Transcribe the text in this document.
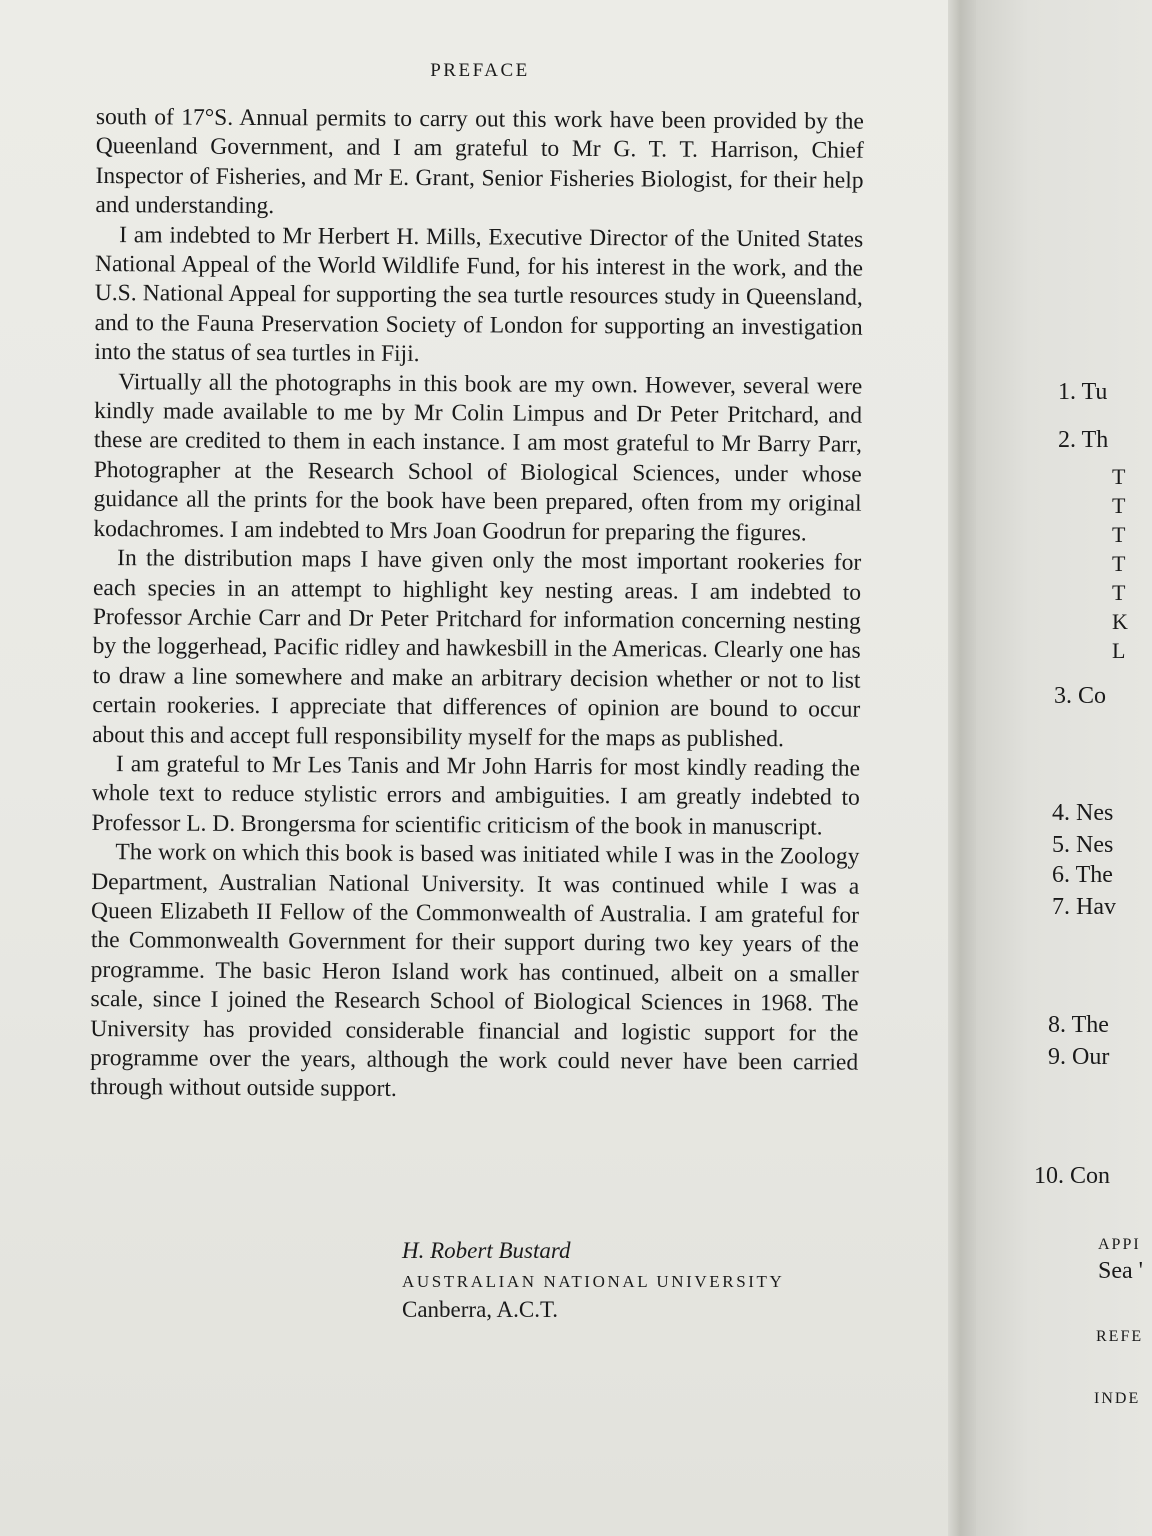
PREFACE

south of 17°S. Annual permits to carry out this work have been provided by the Queenland Government, and I am grateful to Mr G. T. T. Harrison, Chief Inspector of Fisheries, and Mr E. Grant, Senior Fisheries Biologist, for their help and understanding.

I am indebted to Mr Herbert H. Mills, Executive Director of the United States National Appeal of the World Wildlife Fund, for his interest in the work, and the U.S. National Appeal for supporting the sea turtle resources study in Queensland, and to the Fauna Preservation Society of London for supporting an investigation into the status of sea turtles in Fiji.

Virtually all the photographs in this book are my own. However, several were kindly made available to me by Mr Colin Limpus and Dr Peter Pritchard, and these are credited to them in each instance. I am most grateful to Mr Barry Parr, Photographer at the Research School of Biological Sciences, under whose guidance all the prints for the book have been prepared, often from my original kodachromes. I am indebted to Mrs Joan Goodrun for preparing the figures.

In the distribution maps I have given only the most important rookeries for each species in an attempt to highlight key nesting areas. I am indebted to Professor Archie Carr and Dr Peter Pritchard for information concerning nesting by the loggerhead, Pacific ridley and hawkesbill in the Americas. Clearly one has to draw a line somewhere and make an arbitrary decision whether or not to list certain rookeries. I appreciate that differences of opinion are bound to occur about this and accept full responsibility myself for the maps as published.

I am grateful to Mr Les Tanis and Mr John Harris for most kindly reading the whole text to reduce stylistic errors and ambiguities. I am greatly indebted to Professor L. D. Brongersma for scientific criticism of the book in manuscript.

The work on which this book is based was initiated while I was in the Zoology Department, Australian National University. It was continued while I was a Queen Elizabeth II Fellow of the Commonwealth of Australia. I am grateful for the Commonwealth Government for their support during two key years of the programme. The basic Heron Island work has continued, albeit on a smaller scale, since I joined the Research School of Biological Sciences in 1968. The University has provided considerable financial and logistic support for the programme over the years, although the work could never have been carried through without outside support.

H. Robert Bustard
AUSTRALIAN NATIONAL UNIVERSITY
Canberra, A.C.T.
1. Tu
2. Th
T
T
T
T
T
K
L
3. Co
4. Nes
5. Nes
6. The
7. Hav
8. The
9. Our
10. Con
APPI
Sea '
REFE
INDE
